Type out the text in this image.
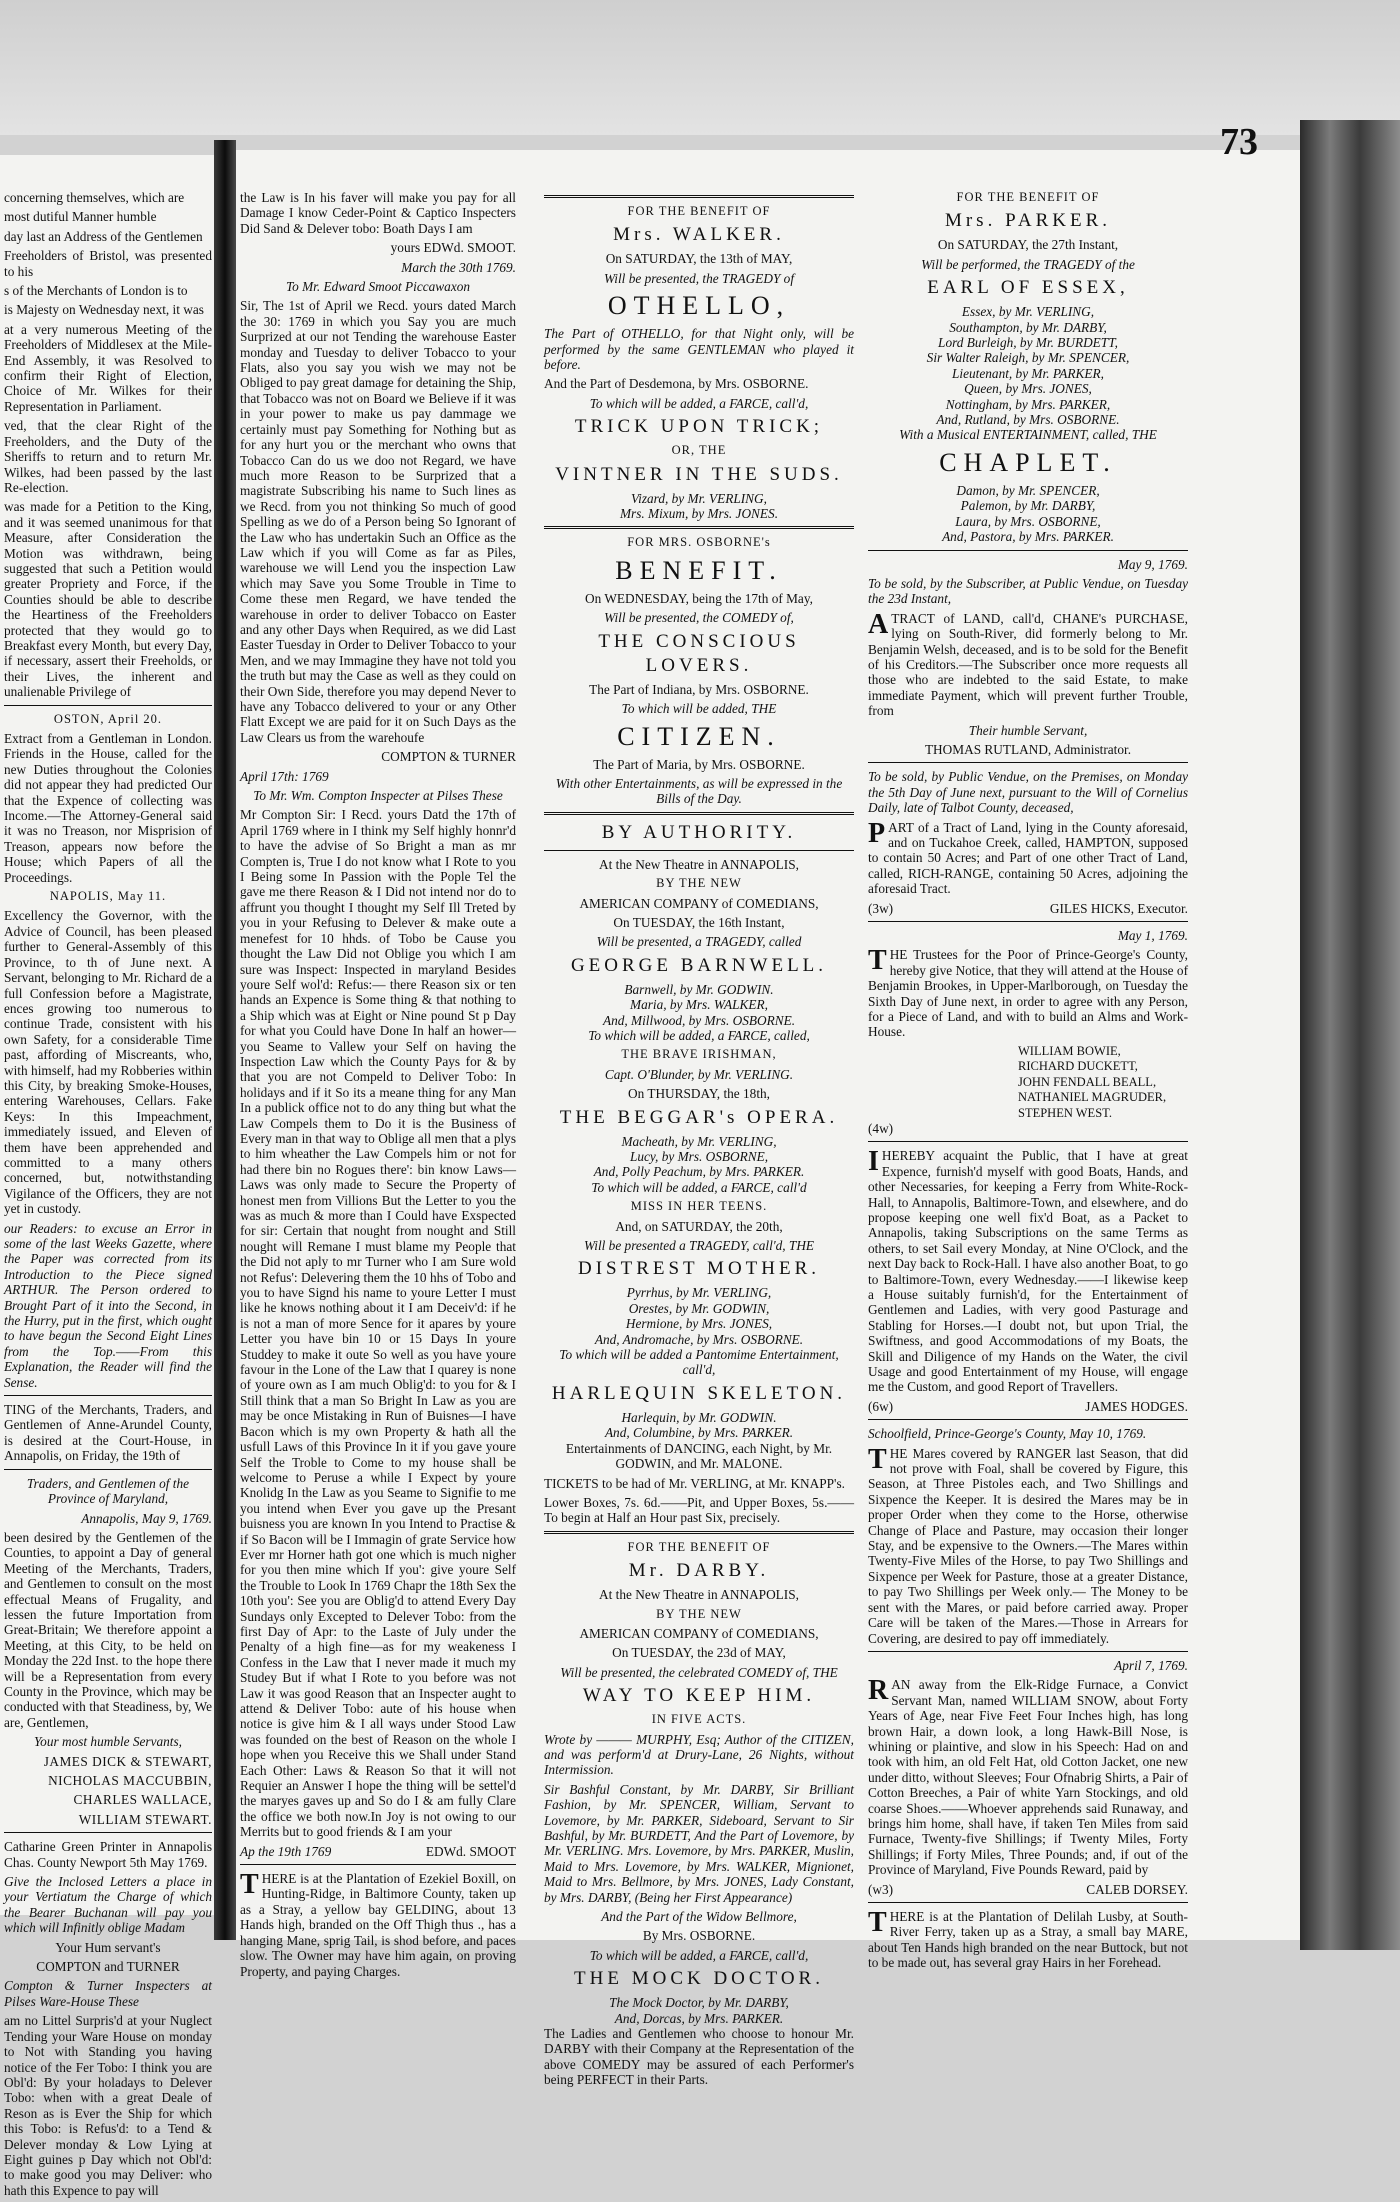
73

concerning themselves, which are

most dutiful Manner humble

day last an Address of the Gentlemen

Freeholders of Bristol, was presented to his

s of the Merchants of London is to

is Majesty on Wednesday next, it was

at a very numerous Meeting of the Freeholders of Middlesex at the Mile-End Assembly, it was Resolved to confirm their Right of Election, Choice of Mr. Wilkes for their Representation in Parliament.

ved, that the clear Right of the Freeholders, and the Duty of the Sheriffs to return and to return Mr. Wilkes, had been passed by the last Re-election.

was made for a Petition to the King, and it was seemed unanimous for that Measure, after Consideration the Motion was withdrawn, being suggested that such a Petition would greater Propriety and Force, if the Counties should be able to describe the Heartiness of the Freeholders protected that they would go to Breakfast every Month, but every Day, if necessary, assert their Freeholds, or their Lives, the inherent and unalienable Privilege of

OSTON, April 20.

Extract from a Gentleman in London. Friends in the House, called for the new Duties throughout the Colonies did not appear they had predicted Our that the Expence of collecting was Income.—The Attorney-General said it was no Treason, nor Misprision of Treason, appears now before the House; which Papers of all the Proceedings.

NAPOLIS, May 11.

Excellency the Governor, with the Advice of Council, has been pleased further to General-Assembly of this Province, to th of June next. A Servant, belonging to Mr. Richard de a full Confession before a Magistrate, ences growing too numerous to continue Trade, consistent with his own Safety, for a considerable Time past, affording of Miscreants, who, with himself, had my Robberies within this City, by breaking Smoke-Houses, entering Warehouses, Cellars. Fake Keys: In this Impeachment, immediately issued, and Eleven of them have been apprehended and committed to a many others concerned, but, notwithstanding Vigilance of the Officers, they are not yet in custody.

our Readers: to excuse an Error in some of the last Weeks Gazette, where the Paper was corrected from its Introduction to the Piece signed ARTHUR. The Person ordered to Brought Part of it into the Second, in the Hurry, put in the first, which ought to have begun the Second Eight Lines from the Top.——From this Explanation, the Reader will find the Sense.

TING of the Merchants, Traders, and Gentlemen of Anne-Arundel County, is desired at the Court-House, in Annapolis, on Friday, the 19th of

Traders, and Gentlemen of the Province of Maryland,

Annapolis, May 9, 1769.

been desired by the Gentlemen of the Counties, to appoint a Day of general Meeting of the Merchants, Traders, and Gentlemen to consult on the most effectual Means of Frugality, and lessen the future Importation from Great-Britain; We therefore appoint a Meeting, at this City, to be held on Monday the 22d Inst. to the hope there will be a Representation from every County in the Province, which may be conducted with that Steadiness, by, We are, Gentlemen,

Your most humble Servants,

JAMES DICK & STEWART,

NICHOLAS MACCUBBIN,

CHARLES WALLACE,

WILLIAM STEWART.

Catharine Green Printer in Annapolis Chas. County Newport 5th May 1769.

Give the Inclosed Letters a place in your Vertiatum the Charge of which the Bearer Buchanan will pay you which will Infinitly oblige Madam

Your Hum servant's

COMPTON and TURNER

Compton & Turner Inspecters at Pilses Ware-House These

am no Littel Surpris'd at your Nuglect Tending your Ware House on monday to Not with Standing you having notice of the Fer Tobo: I think you are Obl'd: By your holadays to Delever Tobo: when with a great Deale of Reson as is Ever the Ship for which this Tobo: is Refus'd: to a Tend & Delever monday & Low Lying at Eight guines p Day which not Obl'd: to make good you may Deliver: who hath this Expence to pay will

the Law is In his faver will make you pay for all Damage I know Ceder-Point & Captico Inspecters Did Sand & Delever tobo: Boath Days I am

yours EDWd. SMOOT.

March the 30th 1769.

To Mr. Edward Smoot Piccawaxon

Sir, The 1st of April we Recd. yours dated March the 30: 1769 in which you Say you are much Surprized at our not Tending the warehouse Easter monday and Tuesday to deliver Tobacco to your Flats, also you say you wish we may not be Obliged to pay great damage for detaining the Ship, that Tobacco was not on Board we Believe if it was in your power to make us pay dammage we certainly must pay Something for Nothing but as for any hurt you or the merchant who owns that Tobacco Can do us we doo not Regard, we have much more Reason to be Surprized that a magistrate Subscribing his name to Such lines as we Recd. from you not thinking So much of good Spelling as we do of a Person being So Ignorant of the Law who has undertakin Such an Office as the Law which if you will Come as far as Piles, warehouse we will Lend you the inspection Law which may Save you Some Trouble in Time to Come these men Regard, we have tended the warehouse in order to deliver Tobacco on Easter and any other Days when Required, as we did Last Easter Tuesday in Order to Deliver Tobacco to your Men, and we may Immagine they have not told you the truth but may the Case as well as they could on their Own Side, therefore you may depend Never to have any Tobacco delivered to your or any Other Flatt Except we are paid for it on Such Days as the Law Clears us from the warehoufe

COMPTON & TURNER

April 17th: 1769

To Mr. Wm. Compton Inspecter at Pilses These

Mr Compton Sir: I Recd. yours Datd the 17th of April 1769 where in I think my Self highly honnr'd to have the advise of So Bright a man as mr Compten is, True I do not know what I Rote to you I Being some In Passion with the Pople Tel the gave me there Reason & I Did not intend nor do to affrunt you thought I thought my Self Ill Treted by you in your Refusing to Delever & make oute a menefest for 10 hhds. of Tobo be Cause you thought the Law Did not Oblige you which I am sure was Inspect: Inspected in maryland Besides youre Self wol'd: Refus:— there Reason six or ten hands an Expence is Some thing & that nothing to a Ship which was at Eight or Nine pound St p Day for what you Could have Done In half an hower—you Seame to Vallew your Self on having the Inspection Law which the County Pays for & by that you are not Compeld to Deliver Tobo: In holidays and if it So its a meane thing for any Man In a publick office not to do any thing but what the Law Compels them to Do it is the Business of Every man in that way to Oblige all men that a plys to him wheather the Law Compels him or not for had there bin no Rogues there': bin know Laws—Laws was only made to Secure the Property of honest men from Villions But the Letter to you the was as much & more than I Could have Exspected for sir: Certain that nought from nought and Still nought will Remane I must blame my People that the Did not aply to mr Turner who I am Sure wold not Refus': Delevering them the 10 hhs of Tobo and you to have Signd his name to youre Letter I must like he knows nothing about it I am Deceiv'd: if he is not a man of more Sence for it apares by youre Letter you have bin 10 or 15 Days In youre Studdey to make it oute So well as you have youre favour in the Lone of the Law that I quarey is none of youre own as I am much Oblig'd: to you for & I Still think that a man So Bright In Law as you are may be once Mistaking in Run of Buisnes—I have Bacon which is my own Property & hath all the usfull Laws of this Province In it if you gave youre Self the Troble to Come to my house shall be welcome to Peruse a while I Expect by youre Knolidg In the Law as you Seame to Signifie to me you intend when Ever you gave up the Presant buisness you are known In you Intend to Practise & if So Bacon will be I Immagin of grate Service how Ever mr Horner hath got one which is much nigher for you then mine which If you': give youre Self the Trouble to Look In 1769 Chapr the 18th Sex the 10th you': See you are Oblig'd to attend Every Day Sundays only Excepted to Delever Tobo: from the first Day of Apr: to the Laste of July under the Penalty of a high fine—as for my weakeness I Confess in the Law that I never made it much my Studey But if what I Rote to you before was not Law it was good Reason that an Inspecter aught to attend & Deliver Tobo: aute of his house when notice is give him & I all ways under Stood Law was founded on the best of Reason on the whole I hope when you Receive this we Shall under Stand Each Other: Laws & Reason So that it will not Requier an Answer I hope the thing will be settel'd the maryes gaves up and So do I & am fully Clare the office we both now.In Joy is not owing to our Merrits but to good friends & I am your

Ap the 19th 1769	EDWd. SMOOT

THERE is at the Plantation of Ezekiel Boxill, on Hunting-Ridge, in Baltimore County, taken up as a Stray, a yellow bay GELDING, about 13 Hands high, branded on the Off Thigh thus ., has a hanging Mane, sprig Tail, is shod before, and paces slow. The Owner may have him again, on proving Property, and paying Charges.

FOR THE BENEFIT OF

Mrs. WALKER.

On SATURDAY, the 13th of MAY,

Will be presented, the TRAGEDY of

OTHELLO,

The Part of OTHELLO, for that Night only, will be performed by the same GENTLEMAN who played it before.

And the Part of Desdemona, by Mrs. OSBORNE.

To which will be added, a FARCE, call'd,

TRICK UPON TRICK;

OR, THE

VINTNER IN THE SUDS.

Vizard, by Mr. VERLING,
Mrs. Mixum, by Mrs. JONES.

FOR MRS. OSBORNE's

BENEFIT.

On WEDNESDAY, being the 17th of May,

Will be presented, the COMEDY of,

THE CONSCIOUS LOVERS.

The Part of Indiana, by Mrs. OSBORNE.

To which will be added, THE

CITIZEN.

The Part of Maria, by Mrs. OSBORNE.

With other Entertainments, as will be expressed in the Bills of the Day.

BY AUTHORITY.

At the New Theatre in ANNAPOLIS,

BY THE NEW

AMERICAN COMPANY of COMEDIANS,

On TUESDAY, the 16th Instant,

Will be presented, a TRAGEDY, called

GEORGE BARNWELL.

Barnwell, by Mr. GODWIN.
Maria, by Mrs. WALKER,
And, Millwood, by Mrs. OSBORNE.

To which will be added, a FARCE, called,

THE BRAVE IRISHMAN,

Capt. O'Blunder, by Mr. VERLING.

On THURSDAY, the 18th,

THE BEGGAR's OPERA.

Macheath, by Mr. VERLING,
Lucy, by Mrs. OSBORNE,
And, Polly Peachum, by Mrs. PARKER.

To which will be added, a FARCE, call'd

MISS IN HER TEENS.

And, on SATURDAY, the 20th,

Will be presented a TRAGEDY, call'd, THE

DISTREST MOTHER.

Pyrrhus, by Mr. VERLING,
Orestes, by Mr. GODWIN,
Hermione, by Mrs. JONES,
And, Andromache, by Mrs. OSBORNE.

To which will be added a Pantomime Entertainment, call'd,

HARLEQUIN SKELETON.

Harlequin, by Mr. GODWIN.
And, Columbine, by Mrs. PARKER.

Entertainments of DANCING, each Night, by Mr. GODWIN, and Mr. MALONE.

TICKETS to be had of Mr. VERLING, at Mr. KNAPP's.

Lower Boxes, 7s. 6d.——Pit, and Upper Boxes, 5s.——To begin at Half an Hour past Six, precisely.

FOR THE BENEFIT OF

Mr. DARBY.

At the New Theatre in ANNAPOLIS,

BY THE NEW

AMERICAN COMPANY of COMEDIANS,

On TUESDAY, the 23d of MAY,

Will be presented, the celebrated COMEDY of, THE

WAY TO KEEP HIM.

IN FIVE ACTS.

Wrote by ——— MURPHY, Esq; Author of the CITIZEN, and was perform'd at Drury-Lane, 26 Nights, without Intermission.

Sir Bashful Constant, by Mr. DARBY, Sir Brilliant Fashion, by Mr. SPENCER, William, Servant to Lovemore, by Mr. PARKER, Sideboard, Servant to Sir Bashful, by Mr. BURDETT, And the Part of Lovemore, by Mr. VERLING. Mrs. Lovemore, by Mrs. PARKER, Muslin, Maid to Mrs. Lovemore, by Mrs. WALKER, Mignionet, Maid to Mrs. Bellmore, by Mrs. JONES, Lady Constant, by Mrs. DARBY, (Being her First Appearance)

And the Part of the Widow Bellmore,

By Mrs. OSBORNE.

To which will be added, a FARCE, call'd,

THE MOCK DOCTOR.

The Mock Doctor, by Mr. DARBY,
And, Dorcas, by Mrs. PARKER.

The Ladies and Gentlemen who choose to honour Mr. DARBY with their Company at the Representation of the above COMEDY may be assured of each Performer's being PERFECT in their Parts.

FOR THE BENEFIT OF

Mrs. PARKER.

On SATURDAY, the 27th Instant,

Will be performed, the TRAGEDY of the

EARL OF ESSEX,

Essex, by Mr. VERLING,
Southampton, by Mr. DARBY,
Lord Burleigh, by Mr. BURDETT,
Sir Walter Raleigh, by Mr. SPENCER,
Lieutenant, by Mr. PARKER,
Queen, by Mrs. JONES,
Nottingham, by Mrs. PARKER,
And, Rutland, by Mrs. OSBORNE.

With a Musical ENTERTAINMENT, called, THE

CHAPLET.

Damon, by Mr. SPENCER,
Palemon, by Mr. DARBY,
Laura, by Mrs. OSBORNE,
And, Pastora, by Mrs. PARKER.

May 9, 1769.

To be sold, by the Subscriber, at Public Vendue, on Tuesday the 23d Instant,

ATRACT of LAND, call'd, CHANE's PURCHASE, lying on South-River, did formerly belong to Mr. Benjamin Welsh, deceased, and is to be sold for the Benefit of his Creditors.—The Subscriber once more requests all those who are indebted to the said Estate, to make immediate Payment, which will prevent further Trouble, from

Their humble Servant,

THOMAS RUTLAND, Administrator.

To be sold, by Public Vendue, on the Premises, on Monday the 5th Day of June next, pursuant to the Will of Cornelius Daily, late of Talbot County, deceased,

PART of a Tract of Land, lying in the County aforesaid, and on Tuckahoe Creek, called, HAMPTON, supposed to contain 50 Acres; and Part of one other Tract of Land, called, RICH-RANGE, containing 50 Acres, adjoining the aforesaid Tract.

(3w)	GILES HICKS, Executor.

May 1, 1769.

THE Trustees for the Poor of Prince-George's County, hereby give Notice, that they will attend at the House of Benjamin Brookes, in Upper-Marlborough, on Tuesday the Sixth Day of June next, in order to agree with any Person, for a Piece of Land, and with to build an Alms and Work-House.

WILLIAM BOWIE,
RICHARD DUCKETT,
JOHN FENDALL BEALL,
NATHANIEL MAGRUDER,
STEPHEN WEST.

(4w)

IHEREBY acquaint the Public, that I have at great Expence, furnish'd myself with good Boats, Hands, and other Necessaries, for keeping a Ferry from White-Rock-Hall, to Annapolis, Baltimore-Town, and elsewhere, and do propose keeping one well fix'd Boat, as a Packet to Annapolis, taking Subscriptions on the same Terms as others, to set Sail every Monday, at Nine O'Clock, and the next Day back to Rock-Hall. I have also another Boat, to go to Baltimore-Town, every Wednesday.——I likewise keep a House suitably furnish'd, for the Entertainment of Gentlemen and Ladies, with very good Pasturage and Stabling for Horses.—I doubt not, but upon Trial, the Swiftness, and good Accommodations of my Boats, the Skill and Diligence of my Hands on the Water, the civil Usage and good Entertainment of my House, will engage me the Custom, and good Report of Travellers.

(6w)	JAMES HODGES.

Schoolfield, Prince-George's County, May 10, 1769.

THE Mares covered by RANGER last Season, that did not prove with Foal, shall be covered by Figure, this Season, at Three Pistoles each, and Two Shillings and Sixpence the Keeper. It is desired the Mares may be in proper Order when they come to the Horse, otherwise Change of Place and Pasture, may occasion their longer Stay, and be expensive to the Owners.—The Mares within Twenty-Five Miles of the Horse, to pay Two Shillings and Sixpence per Week for Pasture, those at a greater Distance, to pay Two Shillings per Week only.— The Money to be sent with the Mares, or paid before carried away. Proper Care will be taken of the Mares.—Those in Arrears for Covering, are desired to pay off immediately.

April 7, 1769.

RAN away from the Elk-Ridge Furnace, a Convict Servant Man, named WILLIAM SNOW, about Forty Years of Age, near Five Feet Four Inches high, has long brown Hair, a down look, a long Hawk-Bill Nose, is whining or plaintive, and slow in his Speech: Had on and took with him, an old Felt Hat, old Cotton Jacket, one new under ditto, without Sleeves; Four Ofnabrig Shirts, a Pair of Cotton Breeches, a Pair of white Yarn Stockings, and old coarse Shoes.——Whoever apprehends said Runaway, and brings him home, shall have, if taken Ten Miles from said Furnace, Twenty-five Shillings; if Twenty Miles, Forty Shillings; if Forty Miles, Three Pounds; and, if out of the Province of Maryland, Five Pounds Reward, paid by

(w3)	CALEB DORSEY.

THERE is at the Plantation of Delilah Lusby, at South-River Ferry, taken up as a Stray, a small bay MARE, about Ten Hands high branded on the near Buttock, but not to be made out, has several gray Hairs in her Forehead.
